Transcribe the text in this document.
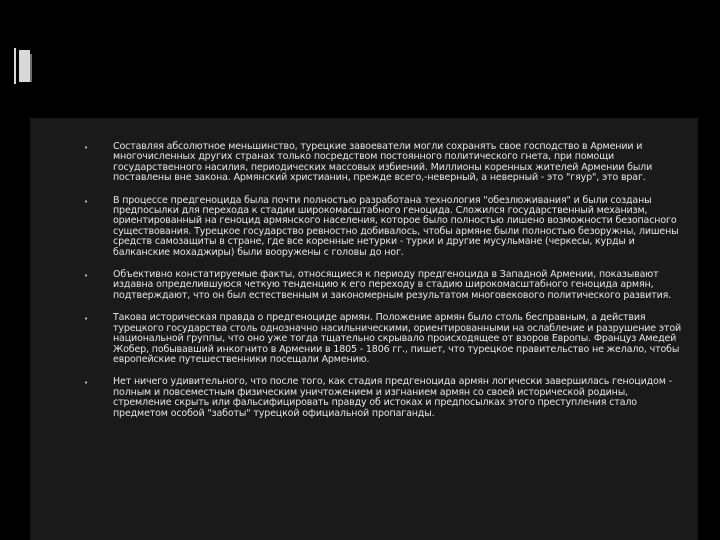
•	Составляя абсолютное меньшинство, турецкие завоеватели могли сохранять свое господство в Армении и многочисленных других странах только посредством постоянного политического гнета, при помощи государственного насилия, периодических массовых избиений. Миллионы коренных жителей Армении были поставлены вне закона. Армянский христианин, прежде всего,-неверный, а неверный - это "гяур", это враг.
•	В процессе предгеноцида была почти полностью разработана технология "обезлюживания" и были созданы предпосылки для перехода к стадии широкомасштабного геноцида. Сложился государственный механизм, ориентированный на геноцид армянского населения, которое было полностью лишено возможности безопасного существования. Турецкое государство ревностно добивалось, чтобы армяне были полностью безоружны, лишены средств самозащиты в стране, где все коренные нетурки - турки и другие мусульмане (черкесы, курды и балканские мохаджиры) были вооружены с головы до ног.
•	Объективно констатируемые факты, относящиеся к периоду предгеноцида в Западной Армении, показывают издавна определившуюся четкую тенденцию к его переходу в стадию широкомасштабного геноцида армян, подтверждают, что он был естественным и закономерным результатом многовекового политического развития.
•	Такова историческая правда о предгеноциде армян. Положение армян было столь бесправным, а действия турецкого государства столь однозначно насильническими, ориентированными на ослабление и разрушение этой национальной группы, что оно уже тогда тщательно скрывало происходящее от взоров Европы. Француз Амедей Жобер, побывавший инкогнито в Армении в 1805 - 1806 гг., пишет, что турецкое правительство не желало, чтобы европейские путешественники посещали Армению.
•	Нет ничего удивительного, что после того, как стадия предгеноцида армян логически завершилась геноцидом - полным и повсеместным физическим уничтожением и изгнанием армян со своей исторической родины, стремление скрыть или фальсифицировать правду об истоках и предпосылках этого преступления стало предметом особой "заботы" турецкой официальной пропаганды.
